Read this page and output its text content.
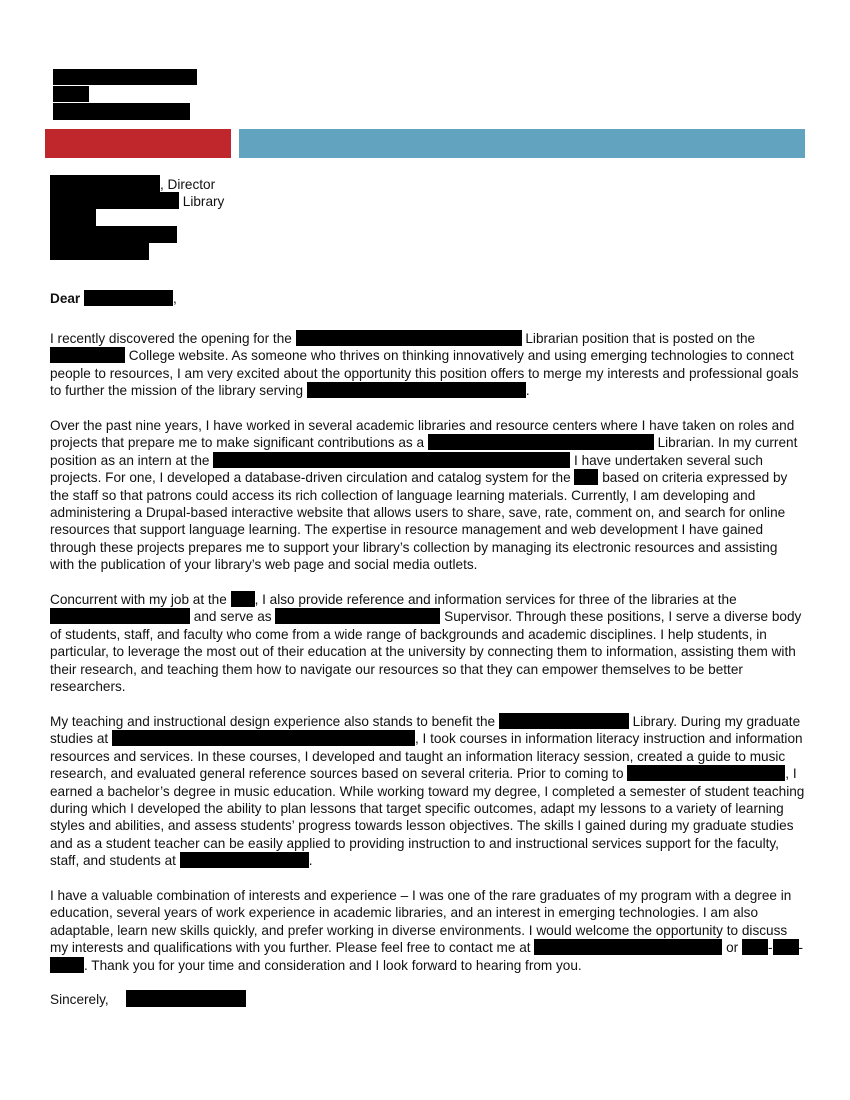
, Director
Library
Dear	,

I recently discovered the opening for the	Librarian position that is posted on the  College website. As someone who thrives on thinking innovatively and using emerging technologies to connect people to resources, I am very excited about the opportunity this position offers to merge my interests and professional goals to further the mission of the library serving	.

Over the past nine years, I have worked in several academic libraries and resource centers where I have taken on roles and projects that prepare me to make significant contributions as a	Librarian. In my current position as an intern at the	I have undertaken several such projects. For one, I developed a database-driven circulation and catalog system for the  based on criteria expressed by the staff so that patrons could access its rich collection of language learning materials. Currently, I am developing and administering a Drupal-based interactive website that allows users to share, save, rate, comment on, and search for online resources that support language learning. The expertise in resource management and web development I have gained through these projects prepares me to support your library’s collection by managing its electronic resources and assisting with the publication of your library’s web page and social media outlets.

Concurrent with my job at the , I also provide reference and information services for three of the libraries at the  and serve as	Supervisor. Through these positions, I serve a diverse body of students, staff, and faculty who come from a wide range of backgrounds and academic disciplines. I help students, in particular, to leverage the most out of their education at the university by connecting them to information, assisting them with their research, and teaching them how to navigate our resources so that they can empower themselves to be better researchers.

My teaching and instructional design experience also stands to benefit the	Library. During my graduate studies at	, I took courses in information literacy instruction and information resources and services. In these courses, I developed and taught an information literacy session, created a guide to music research, and evaluated general reference sources based on several criteria. Prior to coming to	, I earned a bachelor’s degree in music education. While working toward my degree, I completed a semester of student teaching during which I developed the ability to plan lessons that target specific outcomes, adapt my lessons to a variety of learning styles and abilities, and assess students’ progress towards lesson objectives. The skills I gained during my graduate studies and as a student teacher can be easily applied to providing instruction to and instructional services support for the faculty, staff, and students at	.

I have a valuable combination of interests and experience – I was one of the rare graduates of my program with a degree in education, several years of work experience in academic libraries, and an interest in emerging technologies. I am also adaptable, learn new skills quickly, and prefer working in diverse environments. I would welcome the opportunity to discuss my interests and qualifications with you further. Please feel free to contact me at	or - -. Thank you for your time and consideration and I look forward to hearing from you.

Sincerely,
